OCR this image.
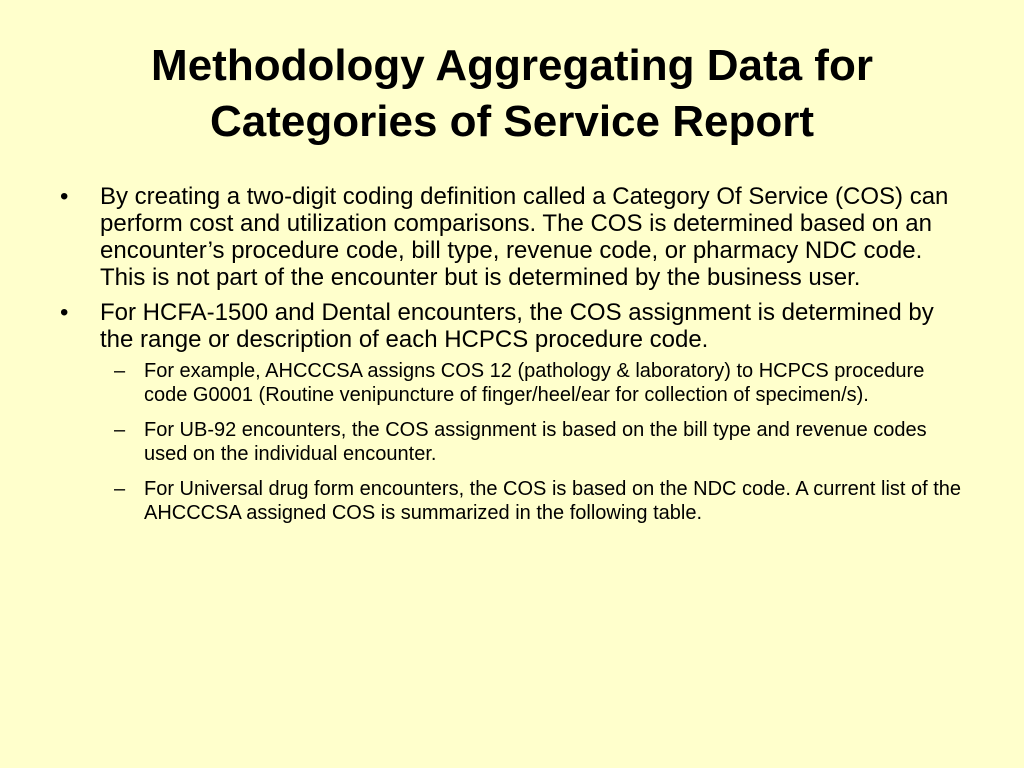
Methodology Aggregating Data for
Categories of Service Report
• By creating a two-digit coding definition called a Category Of Service (COS) can perform cost and utilization comparisons. The COS is determined based on an encounter’s procedure code, bill type, revenue code, or pharmacy NDC code. This is not part of the encounter but is determined by the business user.
• For HCFA-1500 and Dental encounters, the COS assignment is determined by the range or description of each HCPCS procedure code.
– For example, AHCCCSA assigns COS 12 (pathology & laboratory) to HCPCS procedure code G0001 (Routine venipuncture of finger/heel/ear for collection of specimen/s).
– For UB-92 encounters, the COS assignment is based on the bill type and revenue codes used on the individual encounter.
– For Universal drug form encounters, the COS is based on the NDC code. A current list of the AHCCCSA assigned COS is summarized in the following table.
